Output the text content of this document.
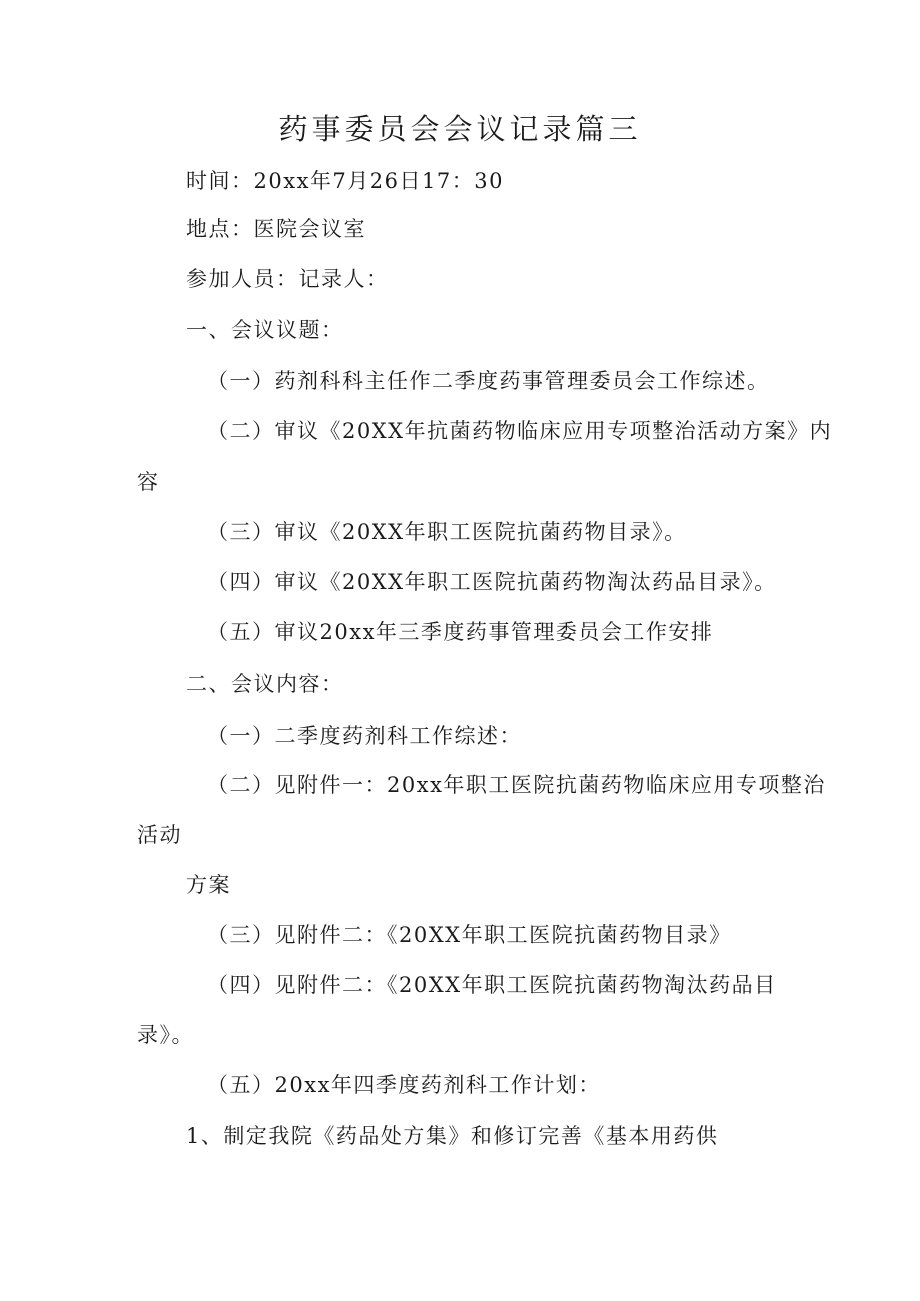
药事委员会会议记录篇三

时间：20xx年7月26日17：30

地点：医院会议室

参加人员：记录人：

一、会议议题：

（一）药剂科科主任作二季度药事管理委员会工作综述。

（二）审议《20XX年抗菌药物临床应用专项整治活动方案》内

容

（三）审议《20XX年职工医院抗菌药物目录》。

（四）审议《20XX年职工医院抗菌药物淘汰药品目录》。

（五）审议20xx年三季度药事管理委员会工作安排

二、会议内容：

（一）二季度药剂科工作综述：

（二）见附件一：20xx年职工医院抗菌药物临床应用专项整治

活动

方案

（三）见附件二：《20XX年职工医院抗菌药物目录》

（四）见附件二：《20XX年职工医院抗菌药物淘汰药品目

录》。

（五）20xx年四季度药剂科工作计划：

1、制定我院《药品处方集》和修订完善《基本用药供
